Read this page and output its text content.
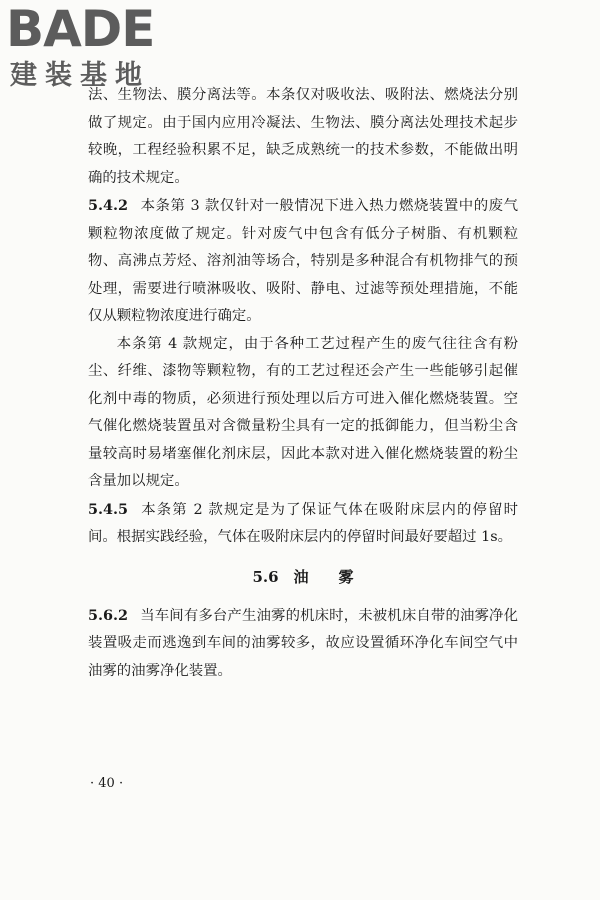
BADE
建装基地

法、生物法、膜分离法等。本条仅对吸收法、吸附法、燃烧法分别做了规定。由于国内应用冷凝法、生物法、膜分离法处理技术起步较晚，工程经验积累不足，缺乏成熟统一的技术参数，不能做出明确的技术规定。

5.4.2 本条第 3 款仅针对一般情况下进入热力燃烧装置中的废气颗粒物浓度做了规定。针对废气中包含有低分子树脂、有机颗粒物、高沸点芳烃、溶剂油等场合，特别是多种混合有机物排气的预处理，需要进行喷淋吸收、吸附、静电、过滤等预处理措施，不能仅从颗粒物浓度进行确定。

本条第 4 款规定，由于各种工艺过程产生的废气往往含有粉尘、纤维、漆物等颗粒物，有的工艺过程还会产生一些能够引起催化剂中毒的物质，必须进行预处理以后方可进入催化燃烧装置。空气催化燃烧装置虽对含微量粉尘具有一定的抵御能力，但当粉尘含量较高时易堵塞催化剂床层，因此本款对进入催化燃烧装置的粉尘含量加以规定。

5.4.5 本条第 2 款规定是为了保证气体在吸附床层内的停留时间。根据实践经验，气体在吸附床层内的停留时间最好要超过 1s。

5.6　油　　雾

5.6.2 当车间有多台产生油雾的机床时，未被机床自带的油雾净化装置吸走而逃逸到车间的油雾较多，故应设置循环净化车间空气中油雾的油雾净化装置。

· 40 ·
